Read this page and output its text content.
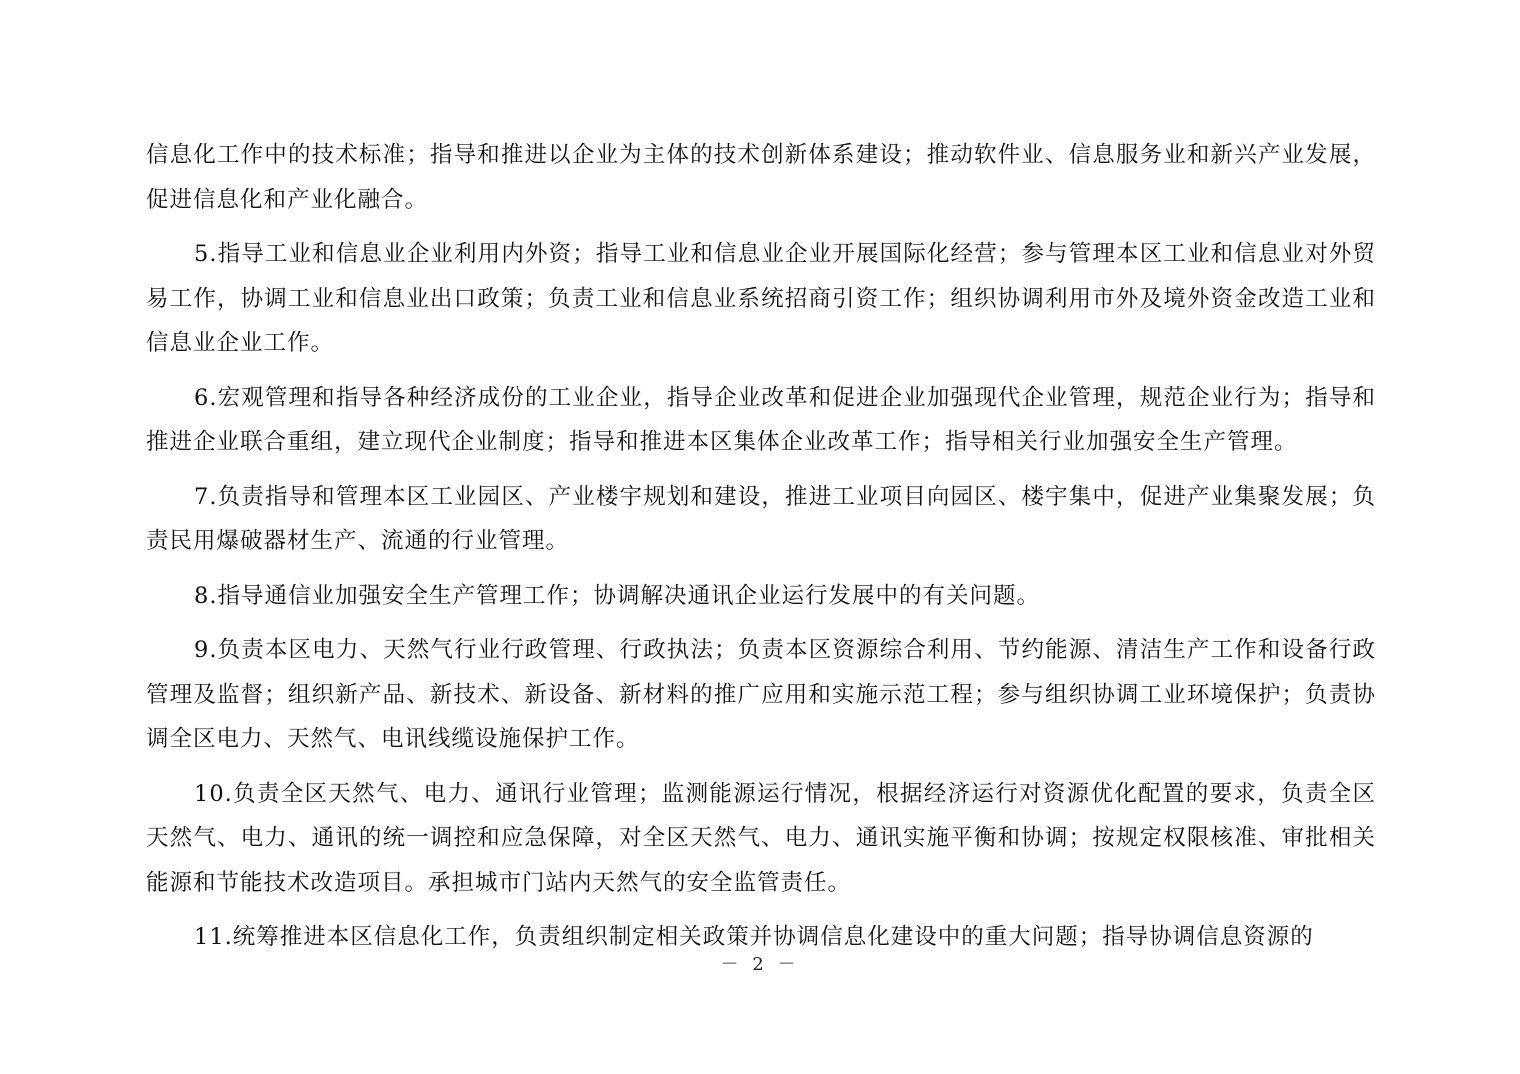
信息化工作中的技术标准；指导和推进以企业为主体的技术创新体系建设；推动软件业、信息服务业和新兴产业发展，促进信息化和产业化融合。

5.指导工业和信息业企业利用内外资；指导工业和信息业企业开展国际化经营；参与管理本区工业和信息业对外贸易工作，协调工业和信息业出口政策；负责工业和信息业系统招商引资工作；组织协调利用市外及境外资金改造工业和信息业企业工作。

6.宏观管理和指导各种经济成份的工业企业，指导企业改革和促进企业加强现代企业管理，规范企业行为；指导和推进企业联合重组，建立现代企业制度；指导和推进本区集体企业改革工作；指导相关行业加强安全生产管理。

7.负责指导和管理本区工业园区、产业楼宇规划和建设，推进工业项目向园区、楼宇集中，促进产业集聚发展；负责民用爆破器材生产、流通的行业管理。

8.指导通信业加强安全生产管理工作；协调解决通讯企业运行发展中的有关问题。

9.负责本区电力、天然气行业行政管理、行政执法；负责本区资源综合利用、节约能源、清洁生产工作和设备行政管理及监督；组织新产品、新技术、新设备、新材料的推广应用和实施示范工程；参与组织协调工业环境保护；负责协调全区电力、天然气、电讯线缆设施保护工作。

10.负责全区天然气、电力、通讯行业管理；监测能源运行情况，根据经济运行对资源优化配置的要求，负责全区天然气、电力、通讯的统一调控和应急保障，对全区天然气、电力、通讯实施平衡和协调；按规定权限核准、审批相关能源和节能技术改造项目。承担城市门站内天然气的安全监管责任。

11.统筹推进本区信息化工作，负责组织制定相关政策并协调信息化建设中的重大问题；指导协调信息资源的

－ 2 －
